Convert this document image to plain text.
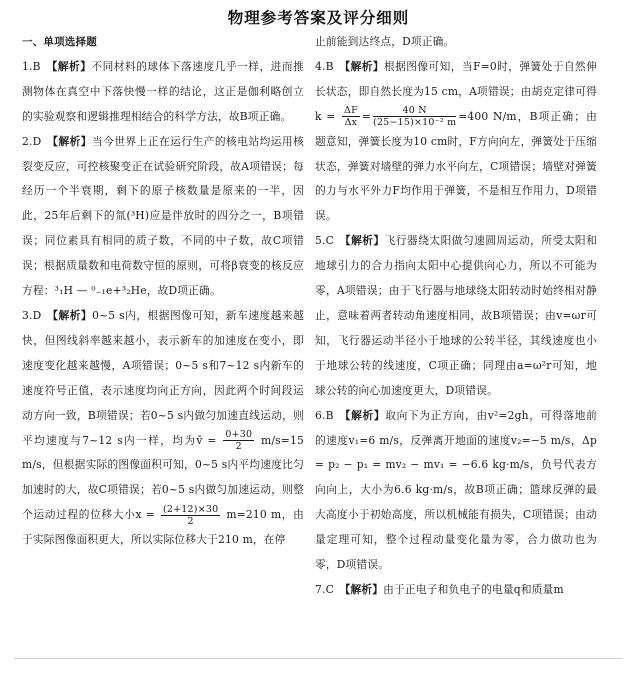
物理参考答案及评分细则
一、单项选择题

1.B 【解析】不同材料的球体下落速度几乎一样，进而推测物体在真空中下落快慢一样的结论，这正是伽利略创立的实验观察和逻辑推理相结合的科学方法，故B项正确。

2.D 【解析】当今世界上正在运行生产的核电站均运用核裂变反应，可控核聚变正在试验研究阶段，故A项错误；每经历一个半衰期，剩下的原子核数量是原来的一半，因此，25年后剩下的氚(³H)应是伴放时的四分之一，B项错误；同位素具有相同的质子数，不同的中子数，故C项错误；根据质量数和电荷数守恒的原则，可将β衰变的核反应方程：³₁H — ⁰₋₁e+³₂He，故D项正确。

3.D 【解析】0~5 s内，根据图像可知，新车速度越来越快，但图线斜率越来越小，表示新车的加速度在变小，即速度变化越来越慢，A项错误；0~5 s和7~12 s内新车的速度符号正值，表示速度均向正方向，因此两个时间段运动方向一致，B项错误；若0~5 s内做匀加速直线运动，则平均速度与7~12 s内一样，均为v̄ = $\frac{0+30}{2} m/s=15$ m/s，但根据实际的图像面积可知，0~5 s内平均速度比匀加速时的大，故C项错误；若0~5 s内做匀加速运动，则整个运动过程的位移大小$x = \frac{(2+12)\times 30}{2} m=210$ m，由于实际图像面积更大，所以实际位移大于210 m，在停

止前能到达终点，D项正确。

4.B 【解析】根据图像可知，当F=0时，弹簧处于自然伸长状态，即自然长度为15 cm，A项错误；由胡克定律可得$k = \frac{\Delta F}{\Delta x} = \frac{40 N}{\text{(25−15)×10⁻² m}} =400$ N/m，B项正确；由题意知，弹簧长度为10 cm时，F方向向左，弹簧处于压缩状态，弹簧对墙壁的弹力水平向左，C项错误；墙壁对弹簧的力与水平外力F均作用于弹簧，不是相互作用力，D项错误。

5.C 【解析】飞行器绕太阳做匀速圆周运动，所受太阳和地球引力的合力指向太阳中心提供向心力，所以不可能为零，A项错误；由于飞行器与地球绕太阳转动时始终相对静止，意味着两者转动角速度相同，故B项错误；由v=ωr可知，飞行器运动半径小于地球的公转半径，其线速度也小于地球公转的线速度，C项正确；同理由a=ω²r可知，地球公转的向心加速度更大，D项错误。

6.B 【解析】取向下为正方向，由v²=2gh，可得落地前的速度v₁=6 m/s，反弹离开地面的速度v₂=−5 m/s，Δp = p₂ − p₁ = mv₂ − mv₁ = −6.6 kg·m/s，负号代表方向向上，大小为6.6 kg·m/s，故B项正确；篮球反弹的最大高度小于初始高度，所以机械能有损失，C项错误；由动量定理可知，整个过程动量变化量为零，合力做功也为零，D项错误。

7.C 【解析】由于正电子和负电子的电量q和质量m
